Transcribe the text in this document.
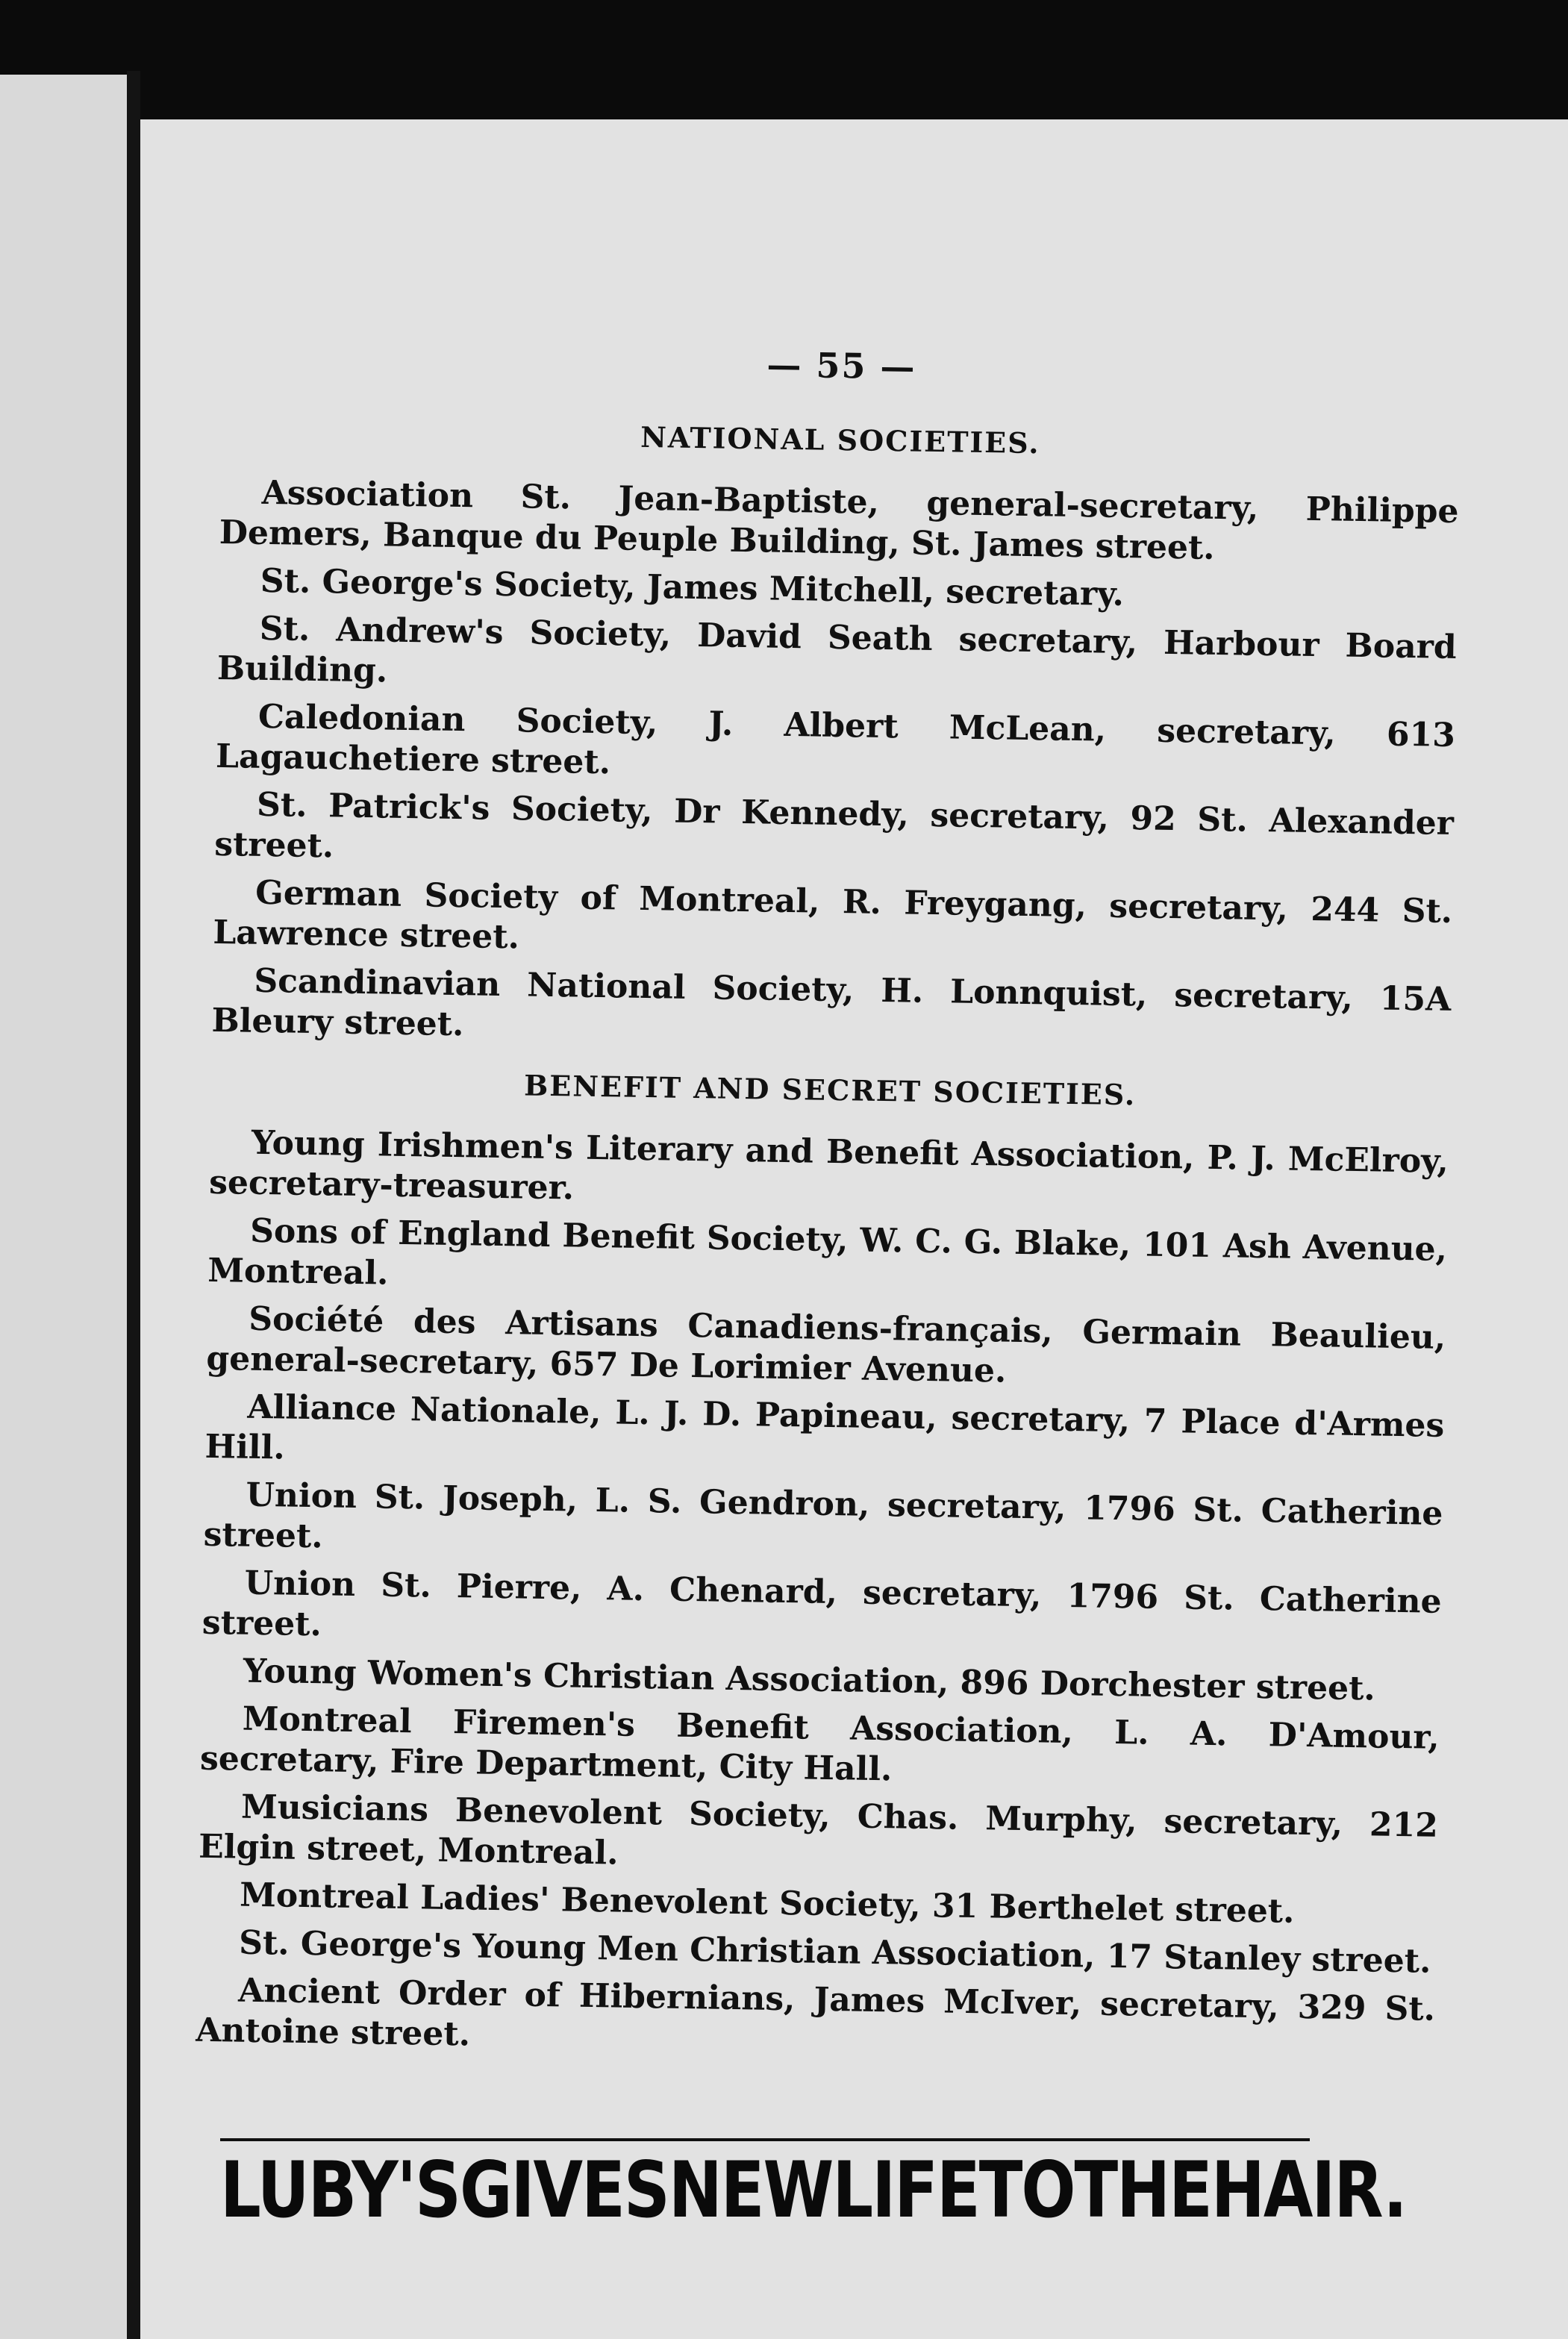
— 55 —
NATIONAL SOCIETIES.

Association St. Jean-Baptiste, general-secretary, Philippe Demers, Banque du Peuple Building, St. James street.

St. George's Society, James Mitchell, secretary.

St. Andrew's Society, David Seath secretary, Harbour Board Building.

Caledonian Society, J. Albert McLean, secretary, 613 Lagauchetiere street.

St. Patrick's Society, Dr Kennedy, secretary, 92 St. Alexander street.

German Society of Montreal, R. Freygang, secretary, 244 St. Lawrence street.

Scandinavian National Society, H. Lonnquist, secretary, 15A Bleury street.

BENEFIT AND SECRET SOCIETIES.

Young Irishmen's Literary and Benefit Association, P. J. McElroy, secretary-treasurer.

Sons of England Benefit Society, W. C. G. Blake, 101 Ash Avenue, Montreal.

Société des Artisans Canadiens-français, Germain Beaulieu, general-secretary, 657 De Lorimier Avenue.

Alliance Nationale, L. J. D. Papineau, secretary, 7 Place d'Armes Hill.

Union St. Joseph, L. S. Gendron, secretary, 1796 St. Catherine street.

Union St. Pierre, A. Chenard, secretary, 1796 St. Catherine street.

Young Women's Christian Association, 896 Dorchester street.

Montreal Firemen's Benefit Association, L. A. D'Amour, secretary, Fire Department, City Hall.

Musicians Benevolent Society, Chas. Murphy, secretary, 212 Elgin street, Montreal.

Montreal Ladies' Benevolent Society, 31 Berthelet street.

St. George's Young Men Christian Association, 17 Stanley street.

Ancient Order of Hibernians, James McIver, secretary, 329 St. Antoine street.

LUBY'S GIVES NEW LIFE TO THE HAIR.
